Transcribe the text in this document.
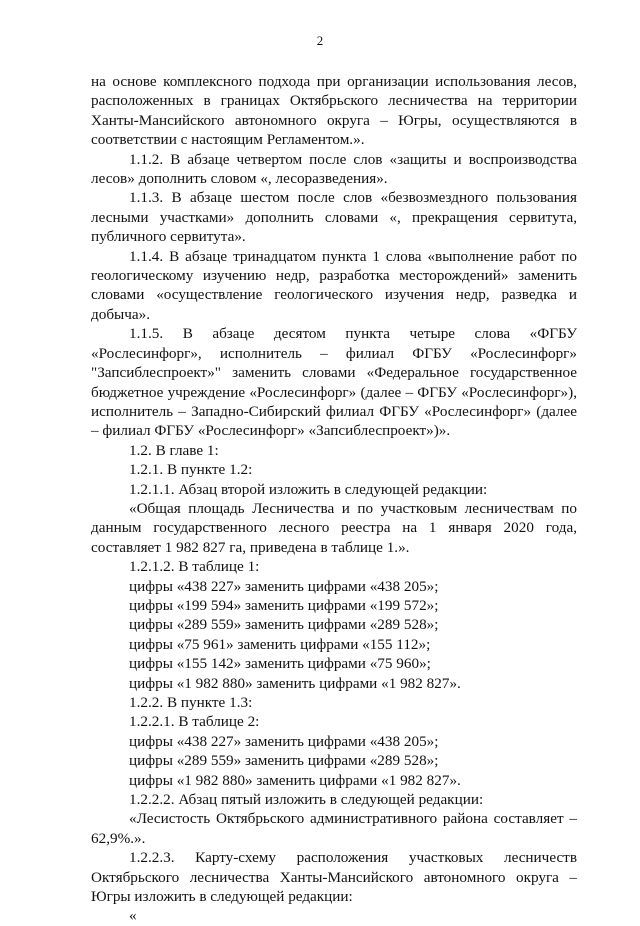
2

на основе комплексного подхода при организации использования лесов, расположенных в границах Октябрьского лесничества на территории Ханты-Мансийского автономного округа – Югры, осуществляются в соответствии с настоящим Регламентом.».

1.1.2. В абзаце четвертом после слов «защиты и воспроизводства лесов» дополнить словом «, лесоразведения».

1.1.3. В абзаце шестом после слов «безвозмездного пользования лесными участками» дополнить словами «, прекращения сервитута, публичного сервитута».

1.1.4. В абзаце тринадцатом пункта 1 слова «выполнение работ по геологическому изучению недр, разработка месторождений» заменить словами «осуществление геологического изучения недр, разведка и добыча».

1.1.5. В абзаце десятом пункта четыре слова «ФГБУ «Рослесинфорг», исполнитель – филиал ФГБУ «Рослесинфорг» "Запсиблеспроект»" заменить словами «Федеральное государственное бюджетное учреждение «Рослесинфорг» (далее – ФГБУ «Рослесинфорг»), исполнитель – Западно-Сибирский филиал ФГБУ «Рослесинфорг» (далее – филиал ФГБУ «Рослесинфорг» «Запсиблеспроект»)».

1.2. В главе 1:

1.2.1. В пункте 1.2:

1.2.1.1. Абзац второй изложить в следующей редакции:

«Общая площадь Лесничества и по участковым лесничествам по данным государственного лесного реестра на 1 января 2020 года, составляет 1 982 827 га, приведена в таблице 1.».

1.2.1.2. В таблице 1:

цифры «438 227» заменить цифрами «438 205»;

цифры «199 594» заменить цифрами «199 572»;

цифры «289 559» заменить цифрами «289 528»;

цифры «75 961» заменить цифрами «155 112»;

цифры «155 142» заменить цифрами «75 960»;

цифры «1 982 880» заменить цифрами «1 982 827».

1.2.2. В пункте 1.3:

1.2.2.1. В таблице 2:

цифры «438 227» заменить цифрами «438 205»;

цифры «289 559» заменить цифрами «289 528»;

цифры «1 982 880» заменить цифрами «1 982 827».

1.2.2.2. Абзац пятый изложить в следующей редакции:

«Лесистость Октябрьского административного района составляет –62,9%.».

1.2.2.3. Карту-схему расположения участковых лесничеств Октябрьского лесничества Ханты-Мансийского автономного округа – Югры изложить в следующей редакции:

«
